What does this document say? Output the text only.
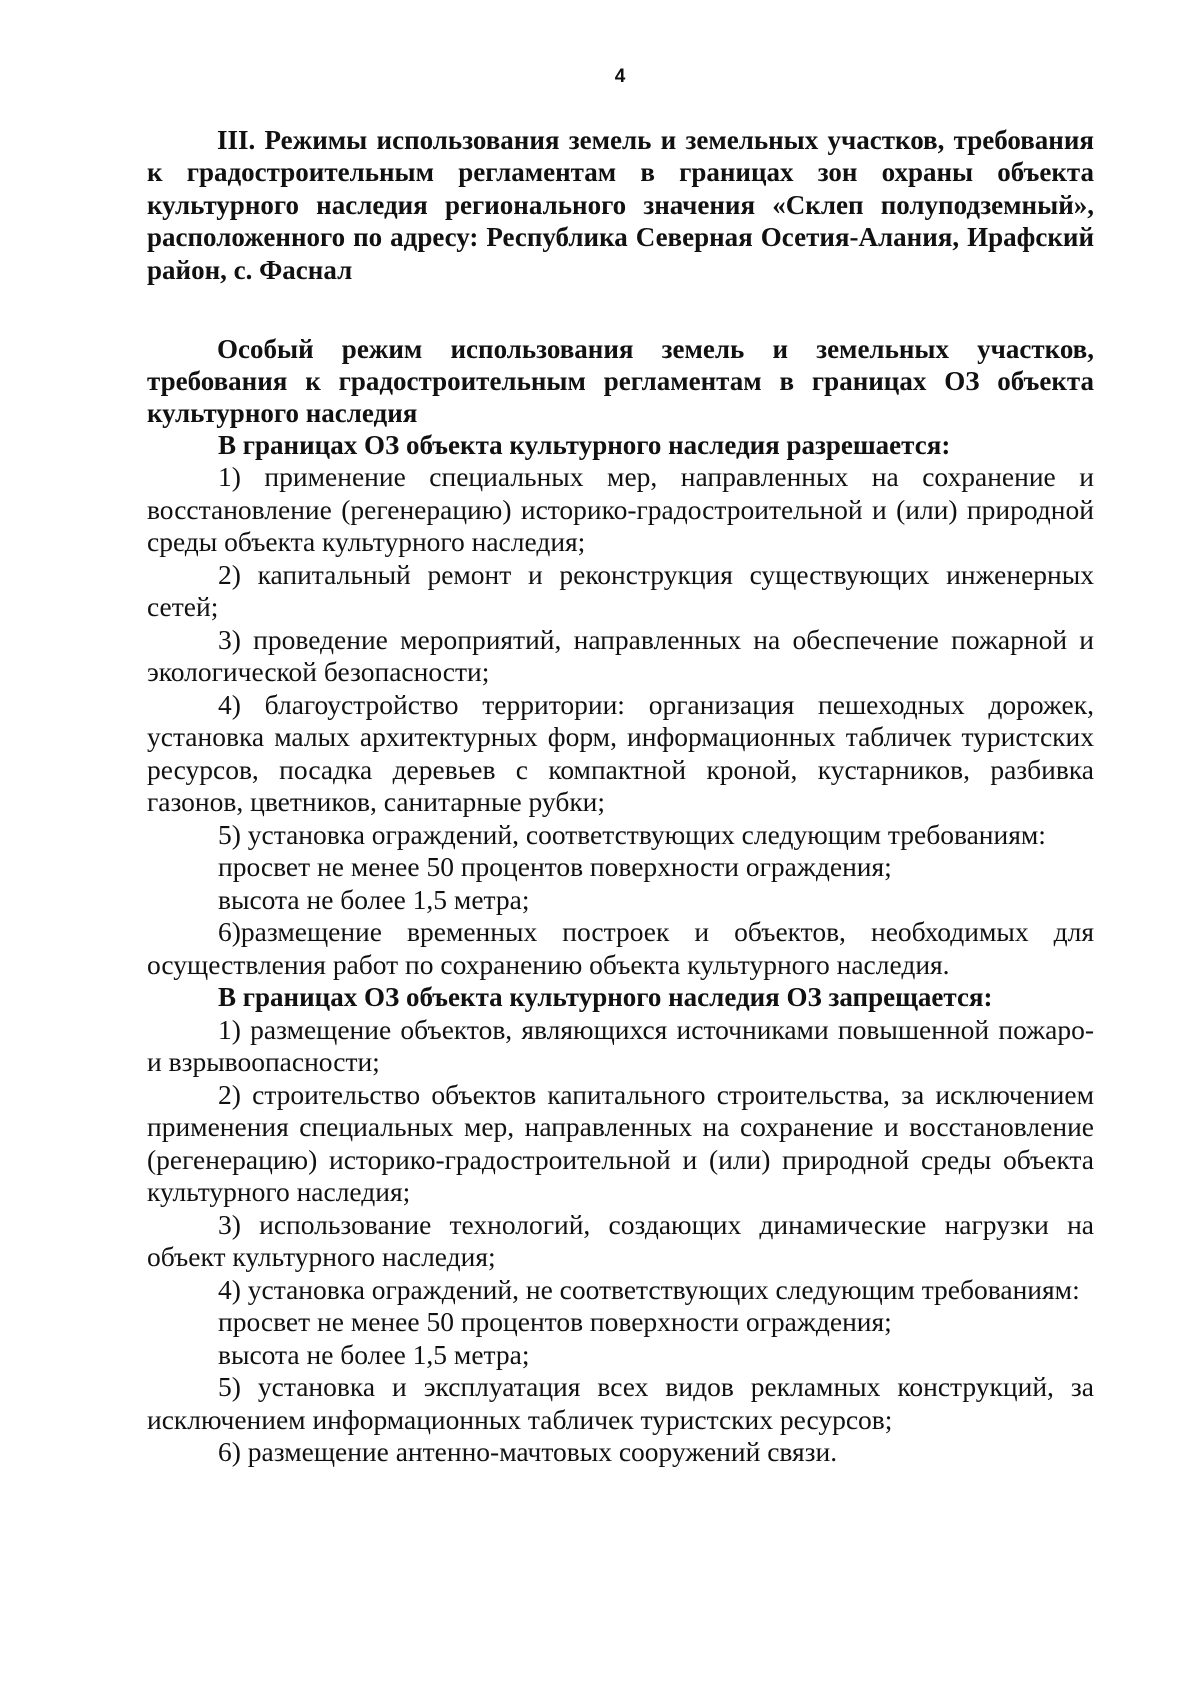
4

III. Режимы использования земель и земельных участков, требования к градостроительным регламентам в границах зон охраны объекта культурного наследия регионального значения «Склеп полуподземный», расположенного по адресу: Республика Северная Осетия-Алания, Ирафский район, с. Фаснал

Особый режим использования земель и земельных участков, требования к градостроительным регламентам в границах ОЗ объекта культурного наследия

В границах ОЗ объекта культурного наследия разрешается:

1) применение специальных мер, направленных на сохранение и восстановление (регенерацию) историко-градостроительной и (или) природной среды объекта культурного наследия;

2) капитальный ремонт и реконструкция существующих инженерных сетей;

3) проведение мероприятий, направленных на обеспечение пожарной и экологической безопасности;

4) благоустройство территории: организация пешеходных дорожек, установка малых архитектурных форм, информационных табличек туристских ресурсов, посадка деревьев с компактной кроной, кустарников, разбивка газонов, цветников, санитарные рубки;

5) установка ограждений, соответствующих следующим требованиям:

просвет не менее 50 процентов поверхности ограждения;

высота не более 1,5 метра;

6)размещение временных построек и объектов, необходимых для осуществления работ по сохранению объекта культурного наследия.

В границах ОЗ объекта культурного наследия ОЗ запрещается:

1) размещение объектов, являющихся источниками повышенной пожаро- и взрывоопасности;

2) строительство объектов капитального строительства, за исключением применения специальных мер, направленных на сохранение и восстановление (регенерацию) историко-градостроительной и (или) природной среды объекта культурного наследия;

3) использование технологий, создающих динамические нагрузки на объект культурного наследия;

4) установка ограждений, не соответствующих следующим требованиям:

просвет не менее 50 процентов поверхности ограждения;

высота не более 1,5 метра;

5) установка и эксплуатация всех видов рекламных конструкций, за исключением информационных табличек туристских ресурсов;

6) размещение антенно-мачтовых сооружений связи.
